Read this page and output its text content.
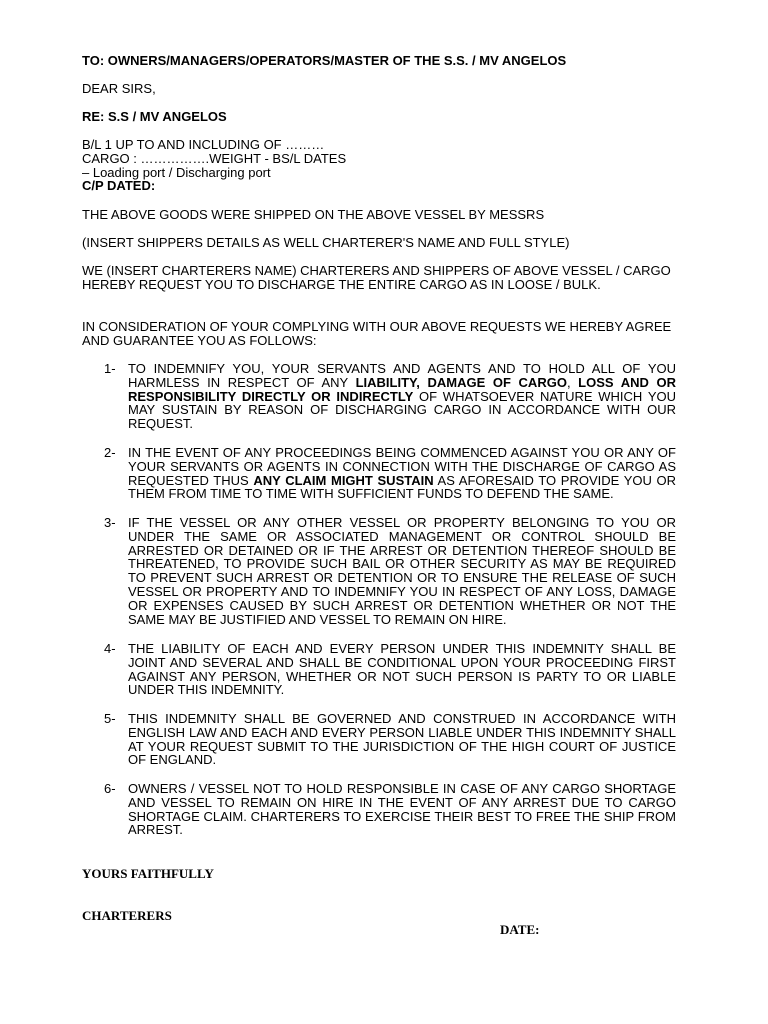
TO: OWNERS/MANAGERS/OPERATORS/MASTER OF THE S.S. / MV ANGELOS

DEAR SIRS,

RE: S.S / MV ANGELOS

B/L 1 UP TO AND INCLUDING OF ………
CARGO : …………….WEIGHT - BS/L DATES
– Loading port / Discharging port
C/P DATED:

THE ABOVE GOODS WERE SHIPPED ON THE ABOVE VESSEL BY MESSRS

(INSERT SHIPPERS DETAILS AS WELL CHARTERER'S NAME AND FULL STYLE)

WE (INSERT CHARTERERS NAME) CHARTERERS AND SHIPPERS OF ABOVE VESSEL / CARGO HEREBY REQUEST YOU TO DISCHARGE THE ENTIRE CARGO AS IN LOOSE / BULK.

IN CONSIDERATION OF YOUR COMPLYING WITH OUR ABOVE REQUESTS WE HEREBY AGREE AND GUARANTEE YOU AS FOLLOWS:

1- TO INDEMNIFY YOU, YOUR SERVANTS AND AGENTS AND TO HOLD ALL OF YOU HARMLESS IN RESPECT OF ANY LIABILITY, DAMAGE OF CARGO, LOSS AND OR RESPONSIBILITY DIRECTLY OR INDIRECTLY OF WHATSOEVER NATURE WHICH YOU MAY SUSTAIN BY REASON OF DISCHARGING CARGO IN ACCORDANCE WITH OUR REQUEST.
2- IN THE EVENT OF ANY PROCEEDINGS BEING COMMENCED AGAINST YOU OR ANY OF YOUR SERVANTS OR AGENTS IN CONNECTION WITH THE DISCHARGE OF CARGO AS REQUESTED THUS ANY CLAIM MIGHT SUSTAIN AS AFORESAID TO PROVIDE YOU OR THEM FROM TIME TO TIME WITH SUFFICIENT FUNDS TO DEFEND THE SAME.
3- IF THE VESSEL OR ANY OTHER VESSEL OR PROPERTY BELONGING TO YOU OR UNDER THE SAME OR ASSOCIATED MANAGEMENT OR CONTROL SHOULD BE ARRESTED OR DETAINED OR IF THE ARREST OR DETENTION THEREOF SHOULD BE THREATENED, TO PROVIDE SUCH BAIL OR OTHER SECURITY AS MAY BE REQUIRED TO PREVENT SUCH ARREST OR DETENTION OR TO ENSURE THE RELEASE OF SUCH VESSEL OR PROPERTY AND TO INDEMNIFY YOU IN RESPECT OF ANY LOSS, DAMAGE OR EXPENSES CAUSED BY SUCH ARREST OR DETENTION WHETHER OR NOT THE SAME MAY BE JUSTIFIED AND VESSEL TO REMAIN ON HIRE.
4- THE LIABILITY OF EACH AND EVERY PERSON UNDER THIS INDEMNITY SHALL BE JOINT AND SEVERAL AND SHALL BE CONDITIONAL UPON YOUR PROCEEDING FIRST AGAINST ANY PERSON, WHETHER OR NOT SUCH PERSON IS PARTY TO OR LIABLE UNDER THIS INDEMNITY.
5- THIS INDEMNITY SHALL BE GOVERNED AND CONSTRUED IN ACCORDANCE WITH ENGLISH LAW AND EACH AND EVERY PERSON LIABLE UNDER THIS INDEMNITY SHALL AT YOUR REQUEST SUBMIT TO THE JURISDICTION OF THE HIGH COURT OF JUSTICE OF ENGLAND.
6- OWNERS / VESSEL NOT TO HOLD RESPONSIBLE IN CASE OF ANY CARGO SHORTAGE AND VESSEL TO REMAIN ON HIRE IN THE EVENT OF ANY ARREST DUE TO CARGO SHORTAGE CLAIM. CHARTERERS TO EXERCISE THEIR BEST TO FREE THE SHIP FROM ARREST.

YOURS FAITHFULLY

CHARTERERS

DATE:
